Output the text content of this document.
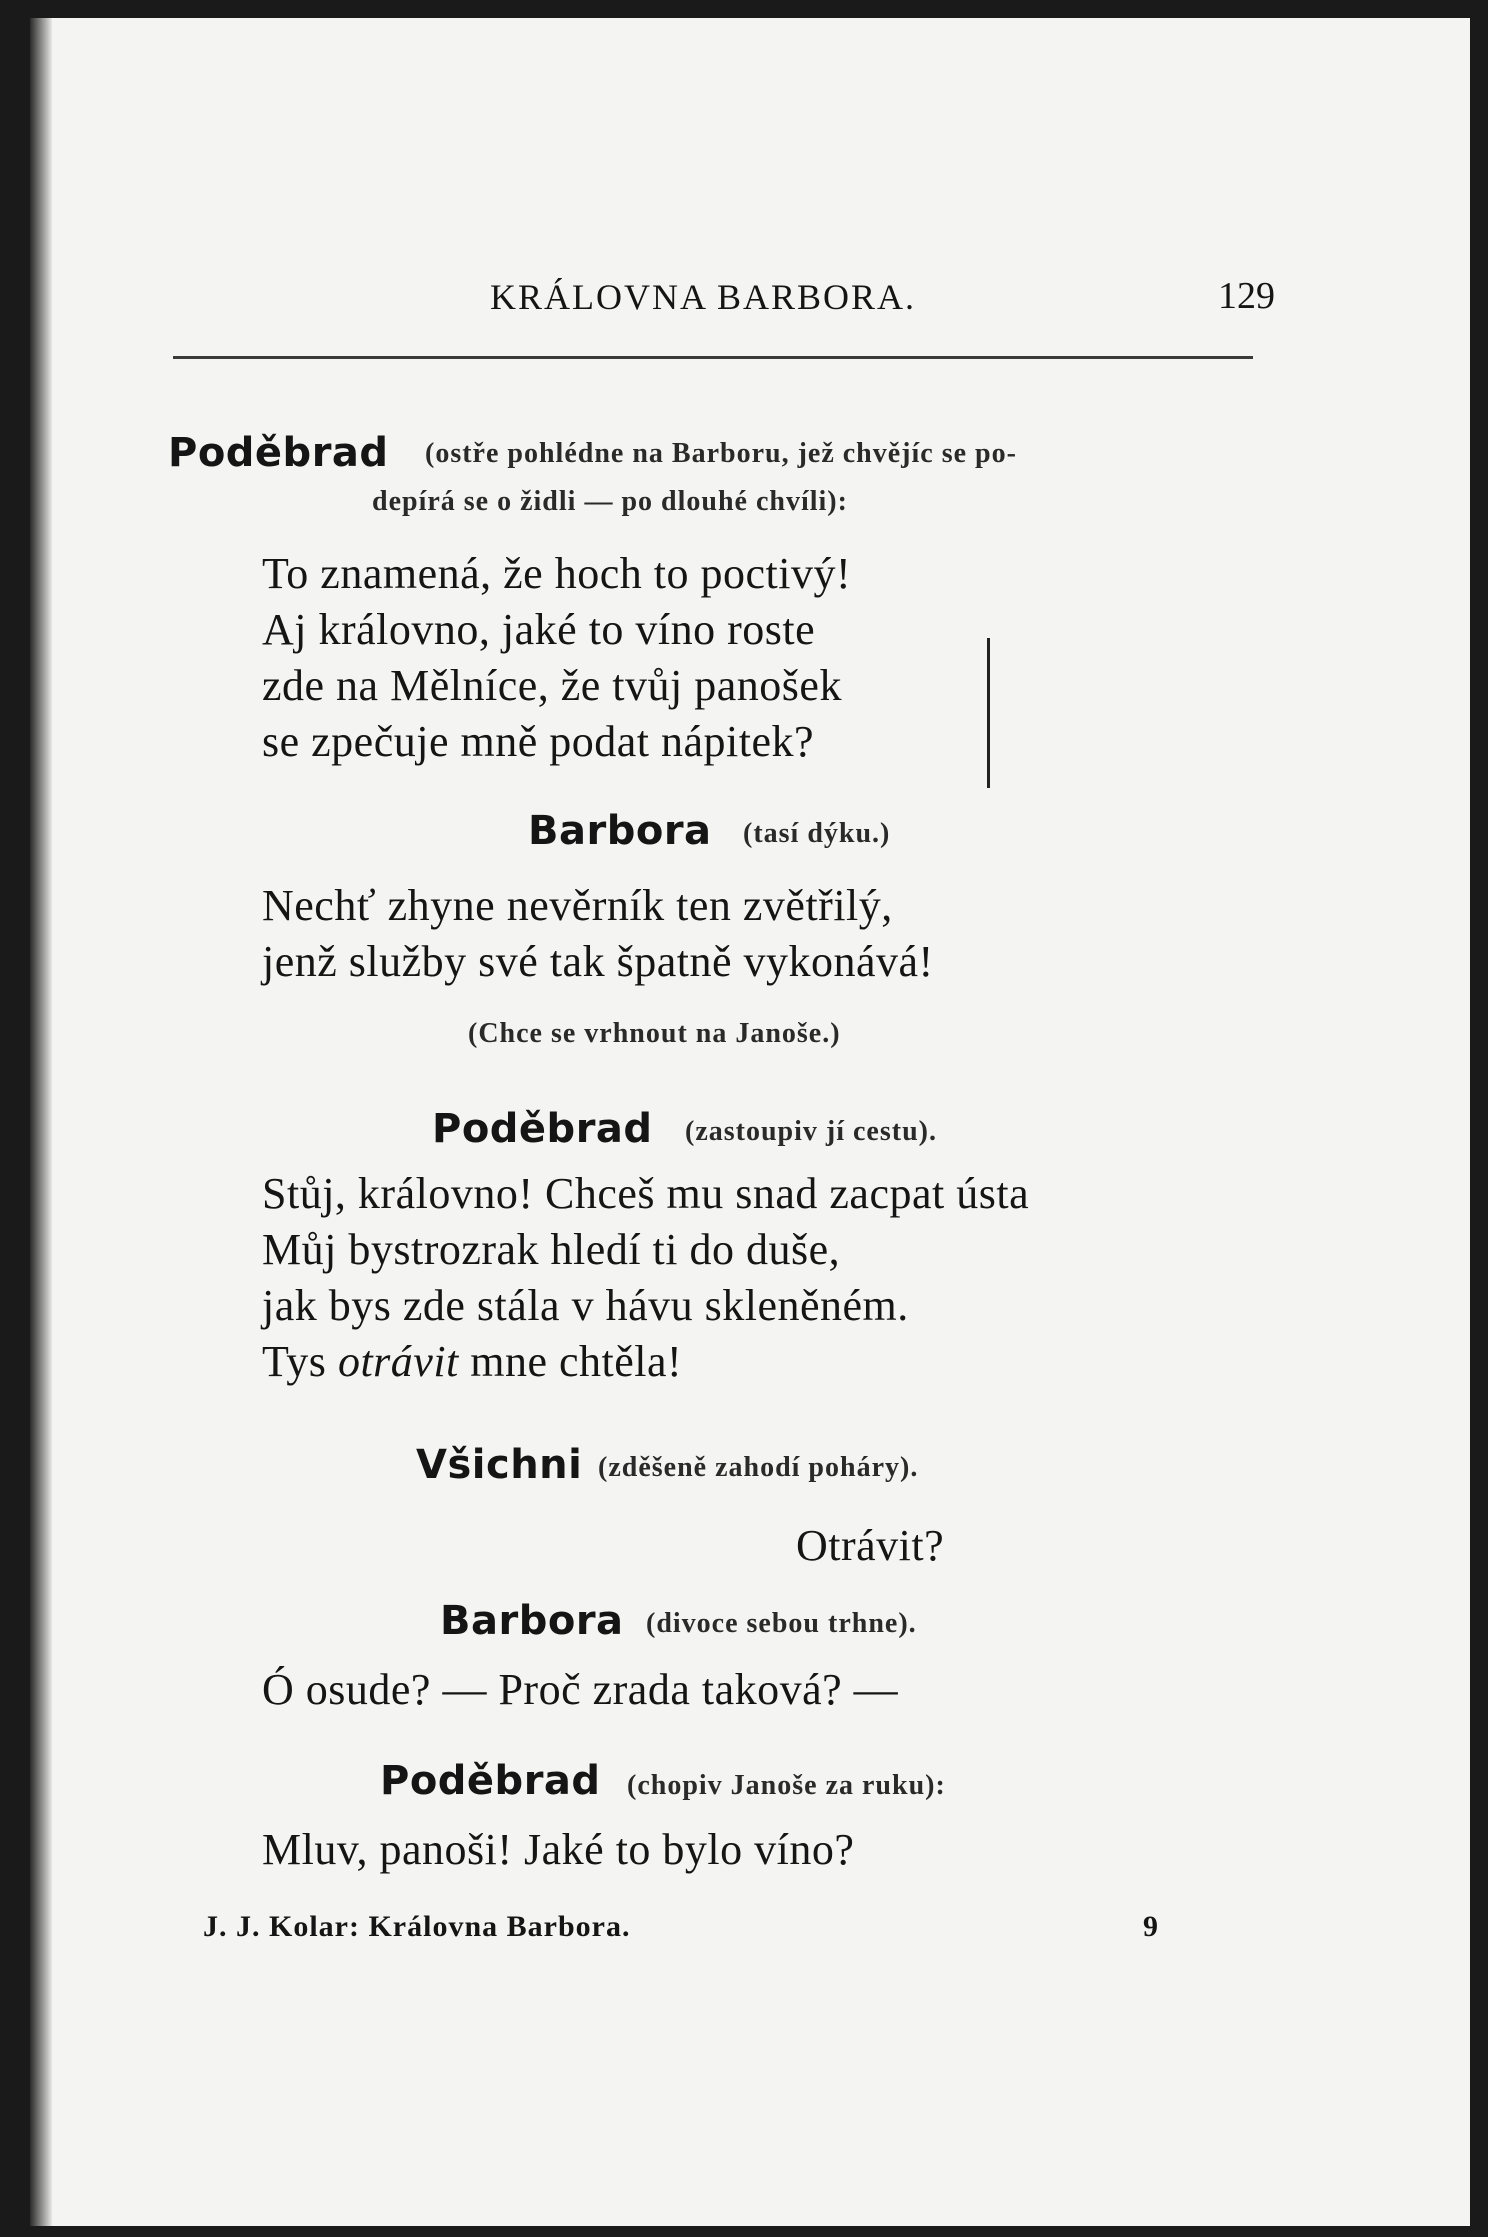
KRÁLOVNA BARBORA.	129
Poděbrad (ostře pohlédne na Barboru, jež chvějíc se po-
depírá se o židli — po dlouhé chvíli):
To znamená, že hoch to poctivý!
Aj královno, jaké to víno roste
zde na Mělníce, že tvůj panošek
se zpečuje mně podat nápitek?
Barbora (tasí dýku.)
Nechť zhyne nevěrník ten zvětřilý,
jenž služby své tak špatně vykonává!
(Chce se vrhnout na Janoše.)
Poděbrad (zastoupiv jí cestu).
Stůj, královno! Chceš mu snad zacpat ústa
Můj bystrozrak hledí ti do duše,
jak bys zde stála v hávu skleněném.
Tys otrávit mne chtěla!
Všichni (zděšeně zahodí poháry).
Otrávit?
Barbora (divoce sebou trhne).
Ó osude? — Proč zrada taková? —
Poděbrad (chopiv Janoše za ruku):
Mluv, panoši! Jaké to bylo víno?
J. J. Kolar: Královna Barbora.	9
